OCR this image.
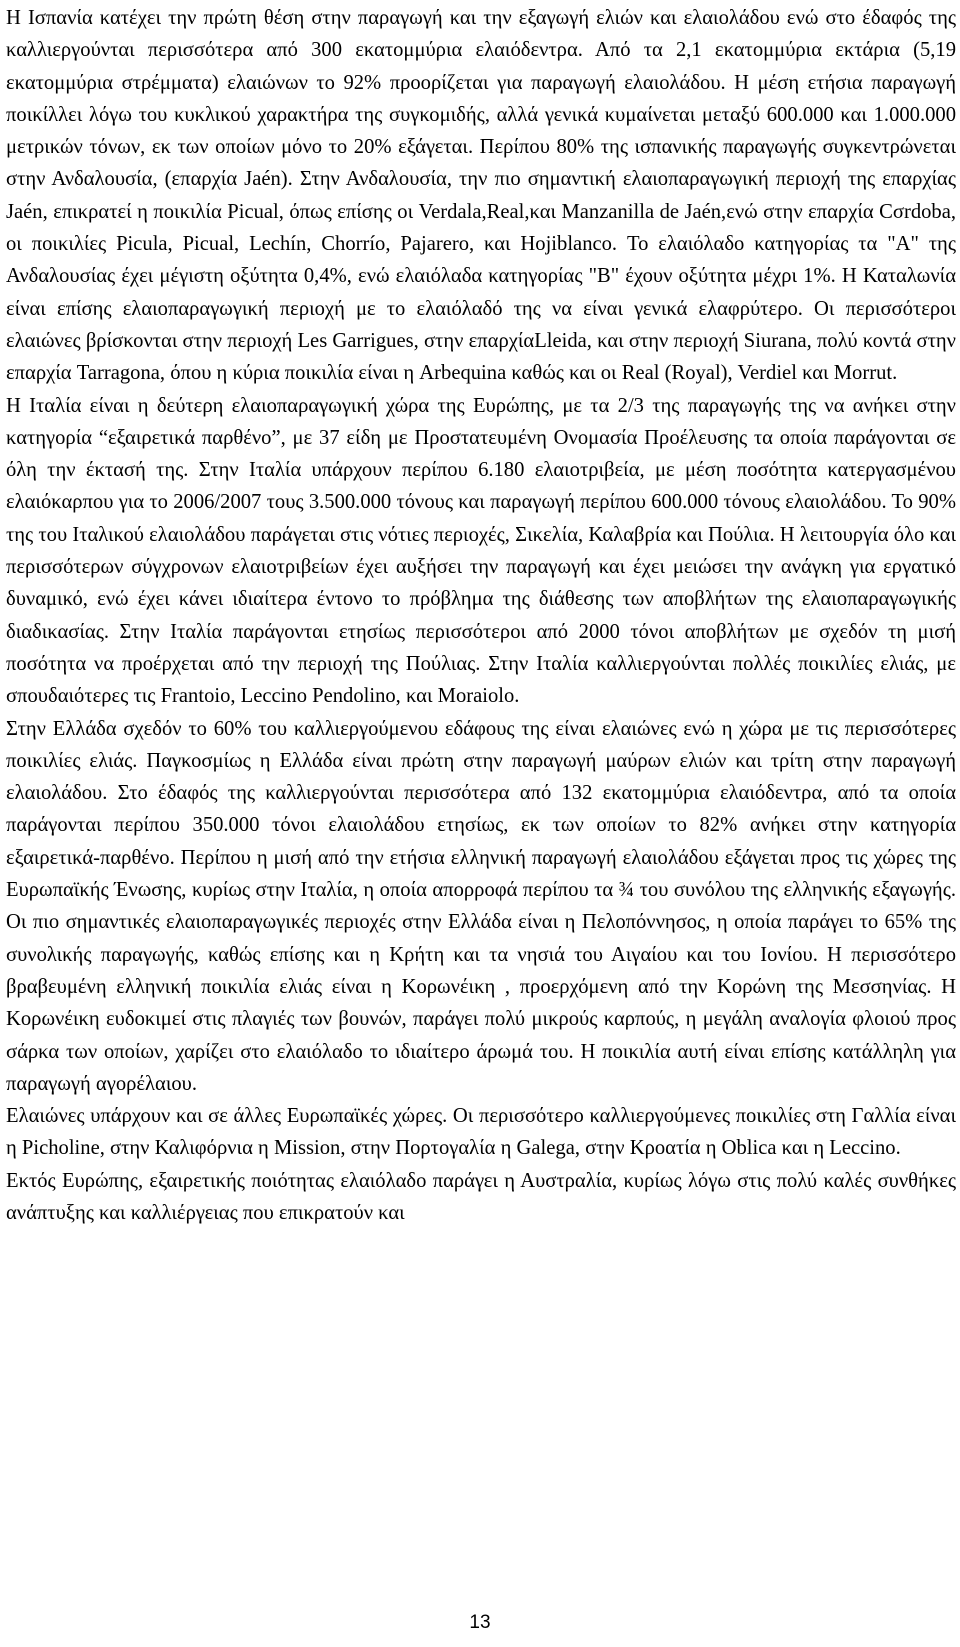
Η Ισπανία κατέχει την πρώτη θέση στην παραγωγή και την εξαγωγή ελιών και ελαιολάδου ενώ στο έδαφός της καλλιεργούνται περισσότερα από 300 εκατομμύρια ελαιόδεντρα. Από τα 2,1 εκατομμύρια εκτάρια (5,19 εκατομμύρια στρέμματα) ελαιώνων το 92% προορίζεται για παραγωγή ελαιολάδου. Η μέση ετήσια παραγωγή ποικίλλει λόγω του κυκλικού χαρακτήρα της συγκομιδής, αλλά γενικά κυμαίνεται μεταξύ 600.000 και 1.000.000 μετρικών τόνων, εκ των οποίων μόνο το 20% εξάγεται. Περίπου 80% της ισπανικής παραγωγής συγκεντρώνεται στην Ανδαλουσία, (επαρχία Jaén). Στην Ανδαλουσία, την πιο σημαντική ελαιοπαραγωγική περιοχή της επαρχίας Jaén, επικρατεί η ποικιλία Picual, όπως επίσης οι Verdala,Real,και Manzanilla de Jaén,ενώ στην επαρχία Cσrdoba, οι ποικιλίες Picula, Picual, Lechín, Chorrío, Pajarero, και Hojiblanco. Το ελαιόλαδο κατηγορίας τα "A" της Ανδαλουσίας έχει μέγιστη οξύτητα 0,4%, ενώ ελαιόλαδα κατηγορίας "B" έχουν οξύτητα μέχρι 1%. Η Καταλωνία είναι επίσης ελαιοπαραγωγική περιοχή με το ελαιόλαδό της να είναι γενικά ελαφρύτερο. Οι περισσότεροι ελαιώνες βρίσκονται στην περιοχή Les Garrigues, στην επαρχίαLleida, και στην περιοχή Siurana, πολύ κοντά στην επαρχία Tarragona, όπου η κύρια ποικιλία είναι η Arbequina καθώς και οι Real (Royal), Verdiel και Morrut.

Η Ιταλία είναι η δεύτερη ελαιοπαραγωγική χώρα της Ευρώπης, με τα 2/3 της παραγωγής της να ανήκει στην κατηγορία “εξαιρετικά παρθένο”, με 37 είδη με Προστατευμένη Ονομασία Προέλευσης τα οποία παράγονται σε όλη την έκτασή της. Στην Ιταλία υπάρχουν περίπου 6.180 ελαιοτριβεία, με μέση ποσότητα κατεργασμένου ελαιόκαρπου για το 2006/2007 τους 3.500.000 τόνους και παραγωγή περίπου 600.000 τόνους ελαιολάδου. Το 90% της του Ιταλικού ελαιολάδου παράγεται στις νότιες περιοχές, Σικελία, Καλαβρία και Πούλια. Η λειτουργία όλο και περισσότερων σύγχρονων ελαιοτριβείων έχει αυξήσει την παραγωγή και έχει μειώσει την ανάγκη για εργατικό δυναμικό, ενώ έχει κάνει ιδιαίτερα έντονο το πρόβλημα της διάθεσης των αποβλήτων της ελαιοπαραγωγικής διαδικασίας. Στην Ιταλία παράγονται ετησίως περισσότεροι από 2000 τόνοι αποβλήτων με σχεδόν τη μισή ποσότητα να προέρχεται από την περιοχή της Πούλιας. Στην Ιταλία καλλιεργούνται πολλές ποικιλίες ελιάς, με σπουδαιότερες τις Frantoio, Leccino Pendolino, και Moraiolo.

Στην Ελλάδα σχεδόν το 60% του καλλιεργούμενου εδάφους της είναι ελαιώνες ενώ η χώρα με τις περισσότερες ποικιλίες ελιάς. Παγκοσμίως η Ελλάδα είναι πρώτη στην παραγωγή μαύρων ελιών και τρίτη στην παραγωγή ελαιολάδου. Στο έδαφός της καλλιεργούνται περισσότερα από 132 εκατομμύρια ελαιόδεντρα, από τα οποία παράγονται περίπου 350.000 τόνοι ελαιολάδου ετησίως, εκ των οποίων το 82% ανήκει στην κατηγορία εξαιρετικά-παρθένο. Περίπου η μισή από την ετήσια ελληνική παραγωγή ελαιολάδου εξάγεται προς τις χώρες της Ευρωπαϊκής Ένωσης, κυρίως στην Ιταλία, η οποία απορροφά περίπου τα ¾ του συνόλου της ελληνικής εξαγωγής. Οι πιο σημαντικές ελαιοπαραγωγικές περιοχές στην Ελλάδα είναι η Πελοπόννησος, η οποία παράγει το 65% της συνολικής παραγωγής, καθώς επίσης και η Κρήτη και τα νησιά του Αιγαίου και του Ιονίου. Η περισσότερο βραβευμένη ελληνική ποικιλία ελιάς είναι η Κορωνέικη , προερχόμενη από την Κορώνη της Μεσσηνίας. Η Κορωνέικη ευδοκιμεί στις πλαγιές των βουνών, παράγει πολύ μικρούς καρπούς, η μεγάλη αναλογία φλοιού προς σάρκα των οποίων, χαρίζει στο ελαιόλαδο το ιδιαίτερο άρωμά του. Η ποικιλία αυτή είναι επίσης κατάλληλη για παραγωγή αγορέλαιου.

Ελαιώνες υπάρχουν και σε άλλες Ευρωπαϊκές χώρες. Οι περισσότερο καλλιεργούμενες ποικιλίες στη Γαλλία είναι η Picholine, στην Καλιφόρνια η Mission, στην Πορτογαλία η Galega, στην Κροατία η Oblica και η Leccino.

Εκτός Ευρώπης, εξαιρετικής ποιότητας ελαιόλαδο παράγει η Αυστραλία, κυρίως λόγω στις πολύ καλές συνθήκες ανάπτυξης και καλλιέργειας που επικρατούν και

13
